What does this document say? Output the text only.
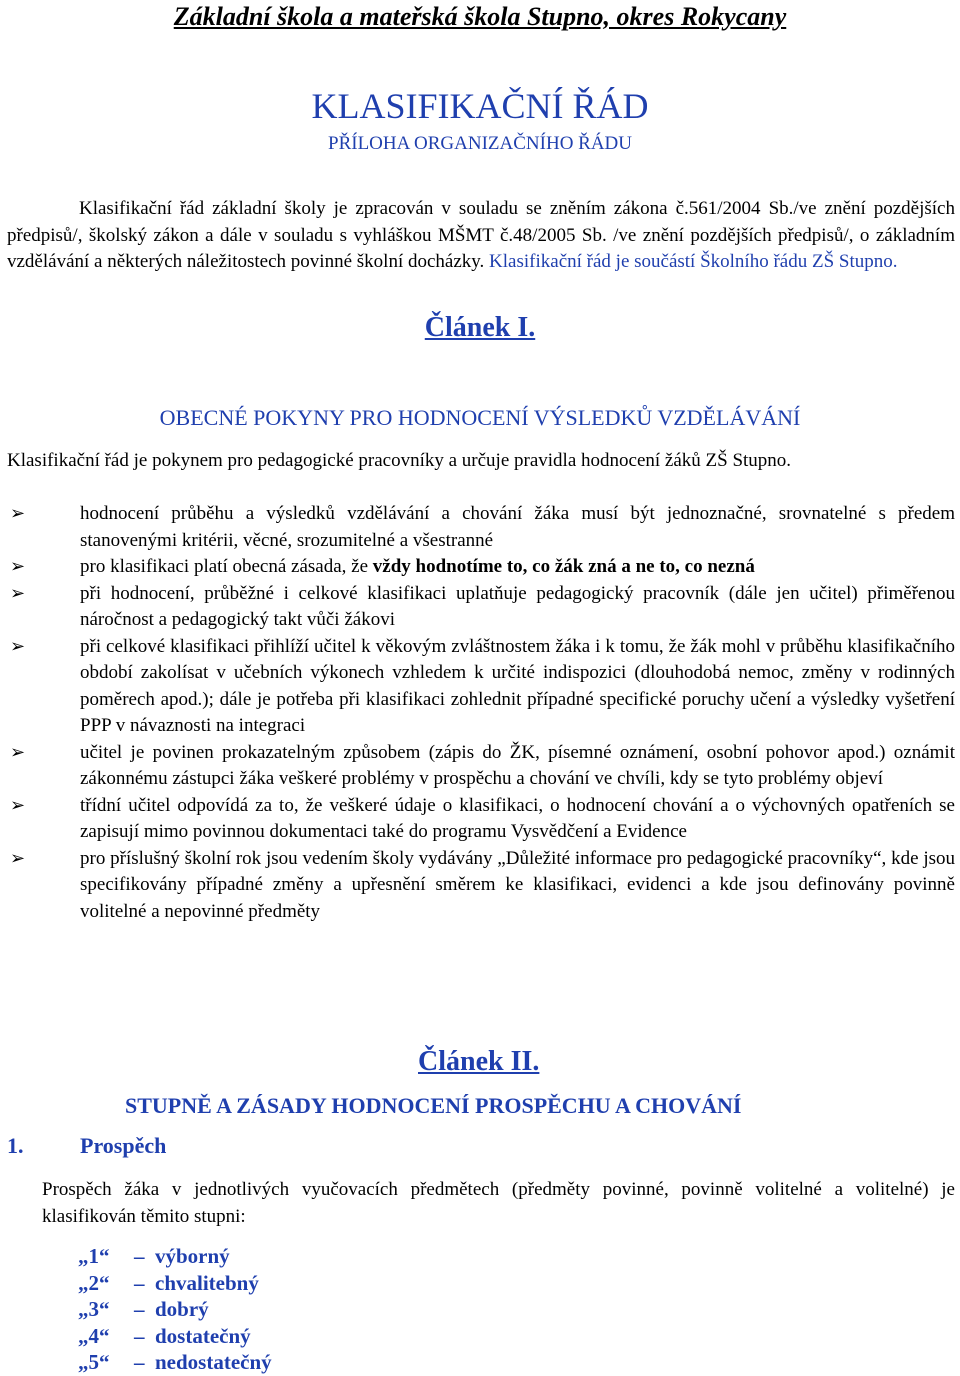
Základní škola a mateřská škola Stupno, okres Rokycany
KLASIFIKAČNÍ ŘÁD
PŘÍLOHA ORGANIZAČNÍHO ŘÁDU
Klasifikační řád základní školy je zpracován v souladu se zněním zákona č.561/2004 Sb./ve znění pozdějších předpisů/, školský zákon a dále v souladu s vyhláškou MŠMT č.48/2005 Sb. /ve znění pozdějších předpisů/, o základním vzdělávání a některých náležitostech povinné školní docházky. Klasifikační řád je součástí Školního řádu ZŠ Stupno.
Článek I.
OBECNÉ POKYNY PRO HODNOCENÍ VÝSLEDKŮ VZDĚLÁVÁNÍ
Klasifikační řád je pokynem pro pedagogické pracovníky a určuje pravidla hodnocení žáků ZŠ Stupno.
➢	hodnocení průběhu a výsledků vzdělávání a chování žáka musí být jednoznačné, srovnatelné s předem stanovenými kritérii, věcné, srozumitelné a všestranné
➢	pro klasifikaci platí obecná zásada, že vždy hodnotíme to, co žák zná a ne to, co nezná
➢	při hodnocení, průběžné i celkové klasifikaci uplatňuje pedagogický pracovník (dále jen učitel) přiměřenou náročnost a pedagogický takt vůči žákovi
➢	při celkové klasifikaci přihlíží učitel k věkovým zvláštnostem žáka i k tomu, že žák mohl v průběhu klasifikačního období zakolísat v učebních výkonech vzhledem k určité indispozici (dlouhodobá nemoc, změny v rodinných poměrech apod.); dále je potřeba při klasifikaci zohlednit případné specifické poruchy učení a výsledky vyšetření PPP v návaznosti na integraci
➢	učitel je povinen prokazatelným způsobem (zápis do ŽK, písemné oznámení, osobní pohovor apod.) oznámit zákonnému zástupci žáka veškeré problémy v prospěchu a chování ve chvíli, kdy se tyto problémy objeví
➢	třídní učitel odpovídá za to, že veškeré údaje o klasifikaci, o hodnocení chování a o výchovných opatřeních se zapisují mimo povinnou dokumentaci také do programu Vysvědčení a Evidence
➢	pro příslušný školní rok jsou vedením školy vydávány „Důležité informace pro pedagogické pracovníky“, kde jsou specifikovány případné změny a upřesnění směrem ke klasifikaci, evidenci a kde jsou definovány povinně volitelné a nepovinné předměty
Článek II.
STUPNĚ A ZÁSADY HODNOCENÍ PROSPĚCHU A CHOVÁNÍ
1.	Prospěch
Prospěch žáka v jednotlivých vyučovacích předmětech (předměty povinné, povinně volitelné a volitelné) je klasifikován těmito stupni:
„1“ – výborný
„2“ – chvalitebný
„3“ – dobrý
„4“ – dostatečný
„5“ – nedostatečný
